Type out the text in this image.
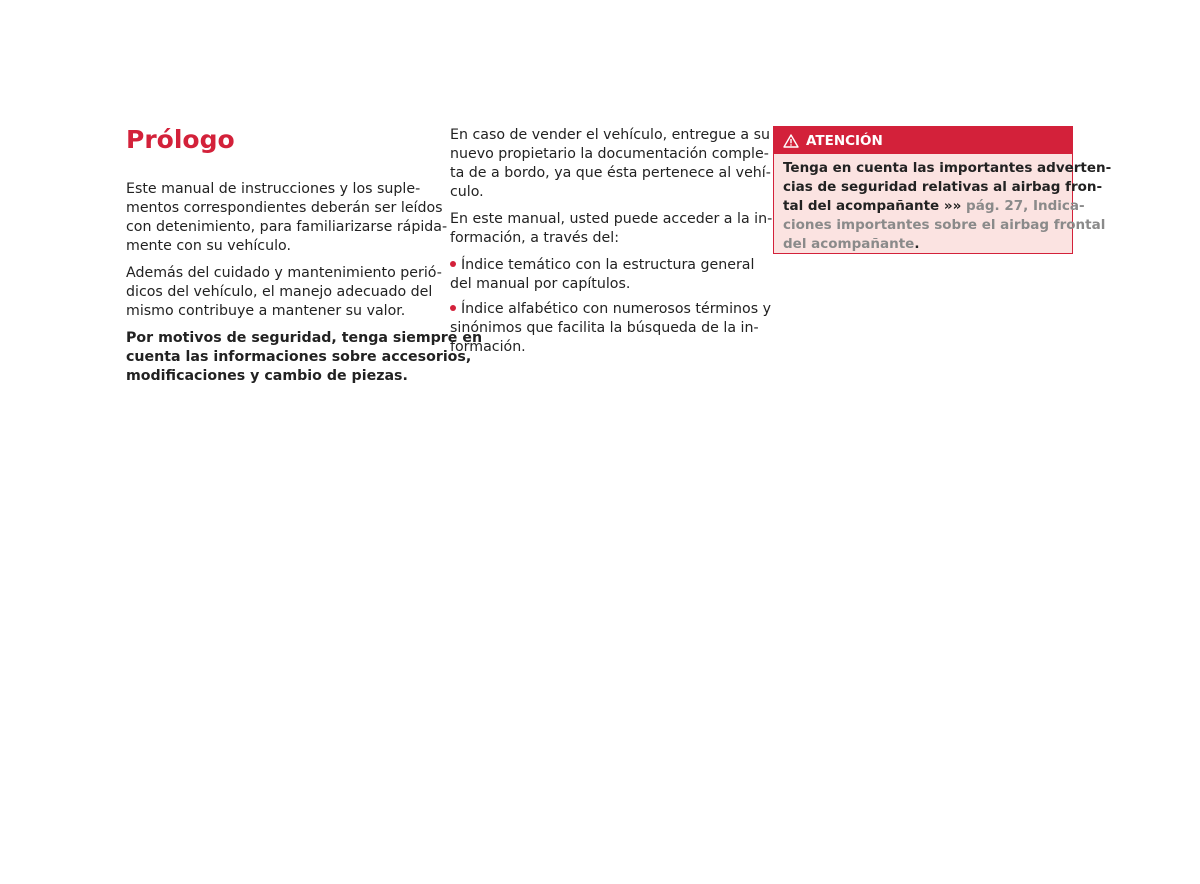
Prólogo

Este manual de instrucciones y los suple-
mentos correspondientes deberán ser leídos
con detenimiento, para familiarizarse rápida-
mente con su vehículo.

Además del cuidado y mantenimiento perió-
dicos del vehículo, el manejo adecuado del
mismo contribuye a mantener su valor.

Por motivos de seguridad, tenga siempre en
cuenta las informaciones sobre accesorios,
modificaciones y cambio de piezas.

En caso de vender el vehículo, entregue a su
nuevo propietario la documentación comple-
ta de a bordo, ya que ésta pertenece al vehí-
culo.

En este manual, usted puede acceder a la in-
formación, a través del:

Índice temático con la estructura general
del manual por capítulos.
Índice alfabético con numerosos términos y
sinónimos que facilita la búsqueda de la in-
formación.
ATENCIÓN
Tenga en cuenta las importantes adverten-
cias de seguridad relativas al airbag fron-
tal del acompañante »» pág. 27, Indica-
ciones importantes sobre el airbag frontal
del acompañante.
